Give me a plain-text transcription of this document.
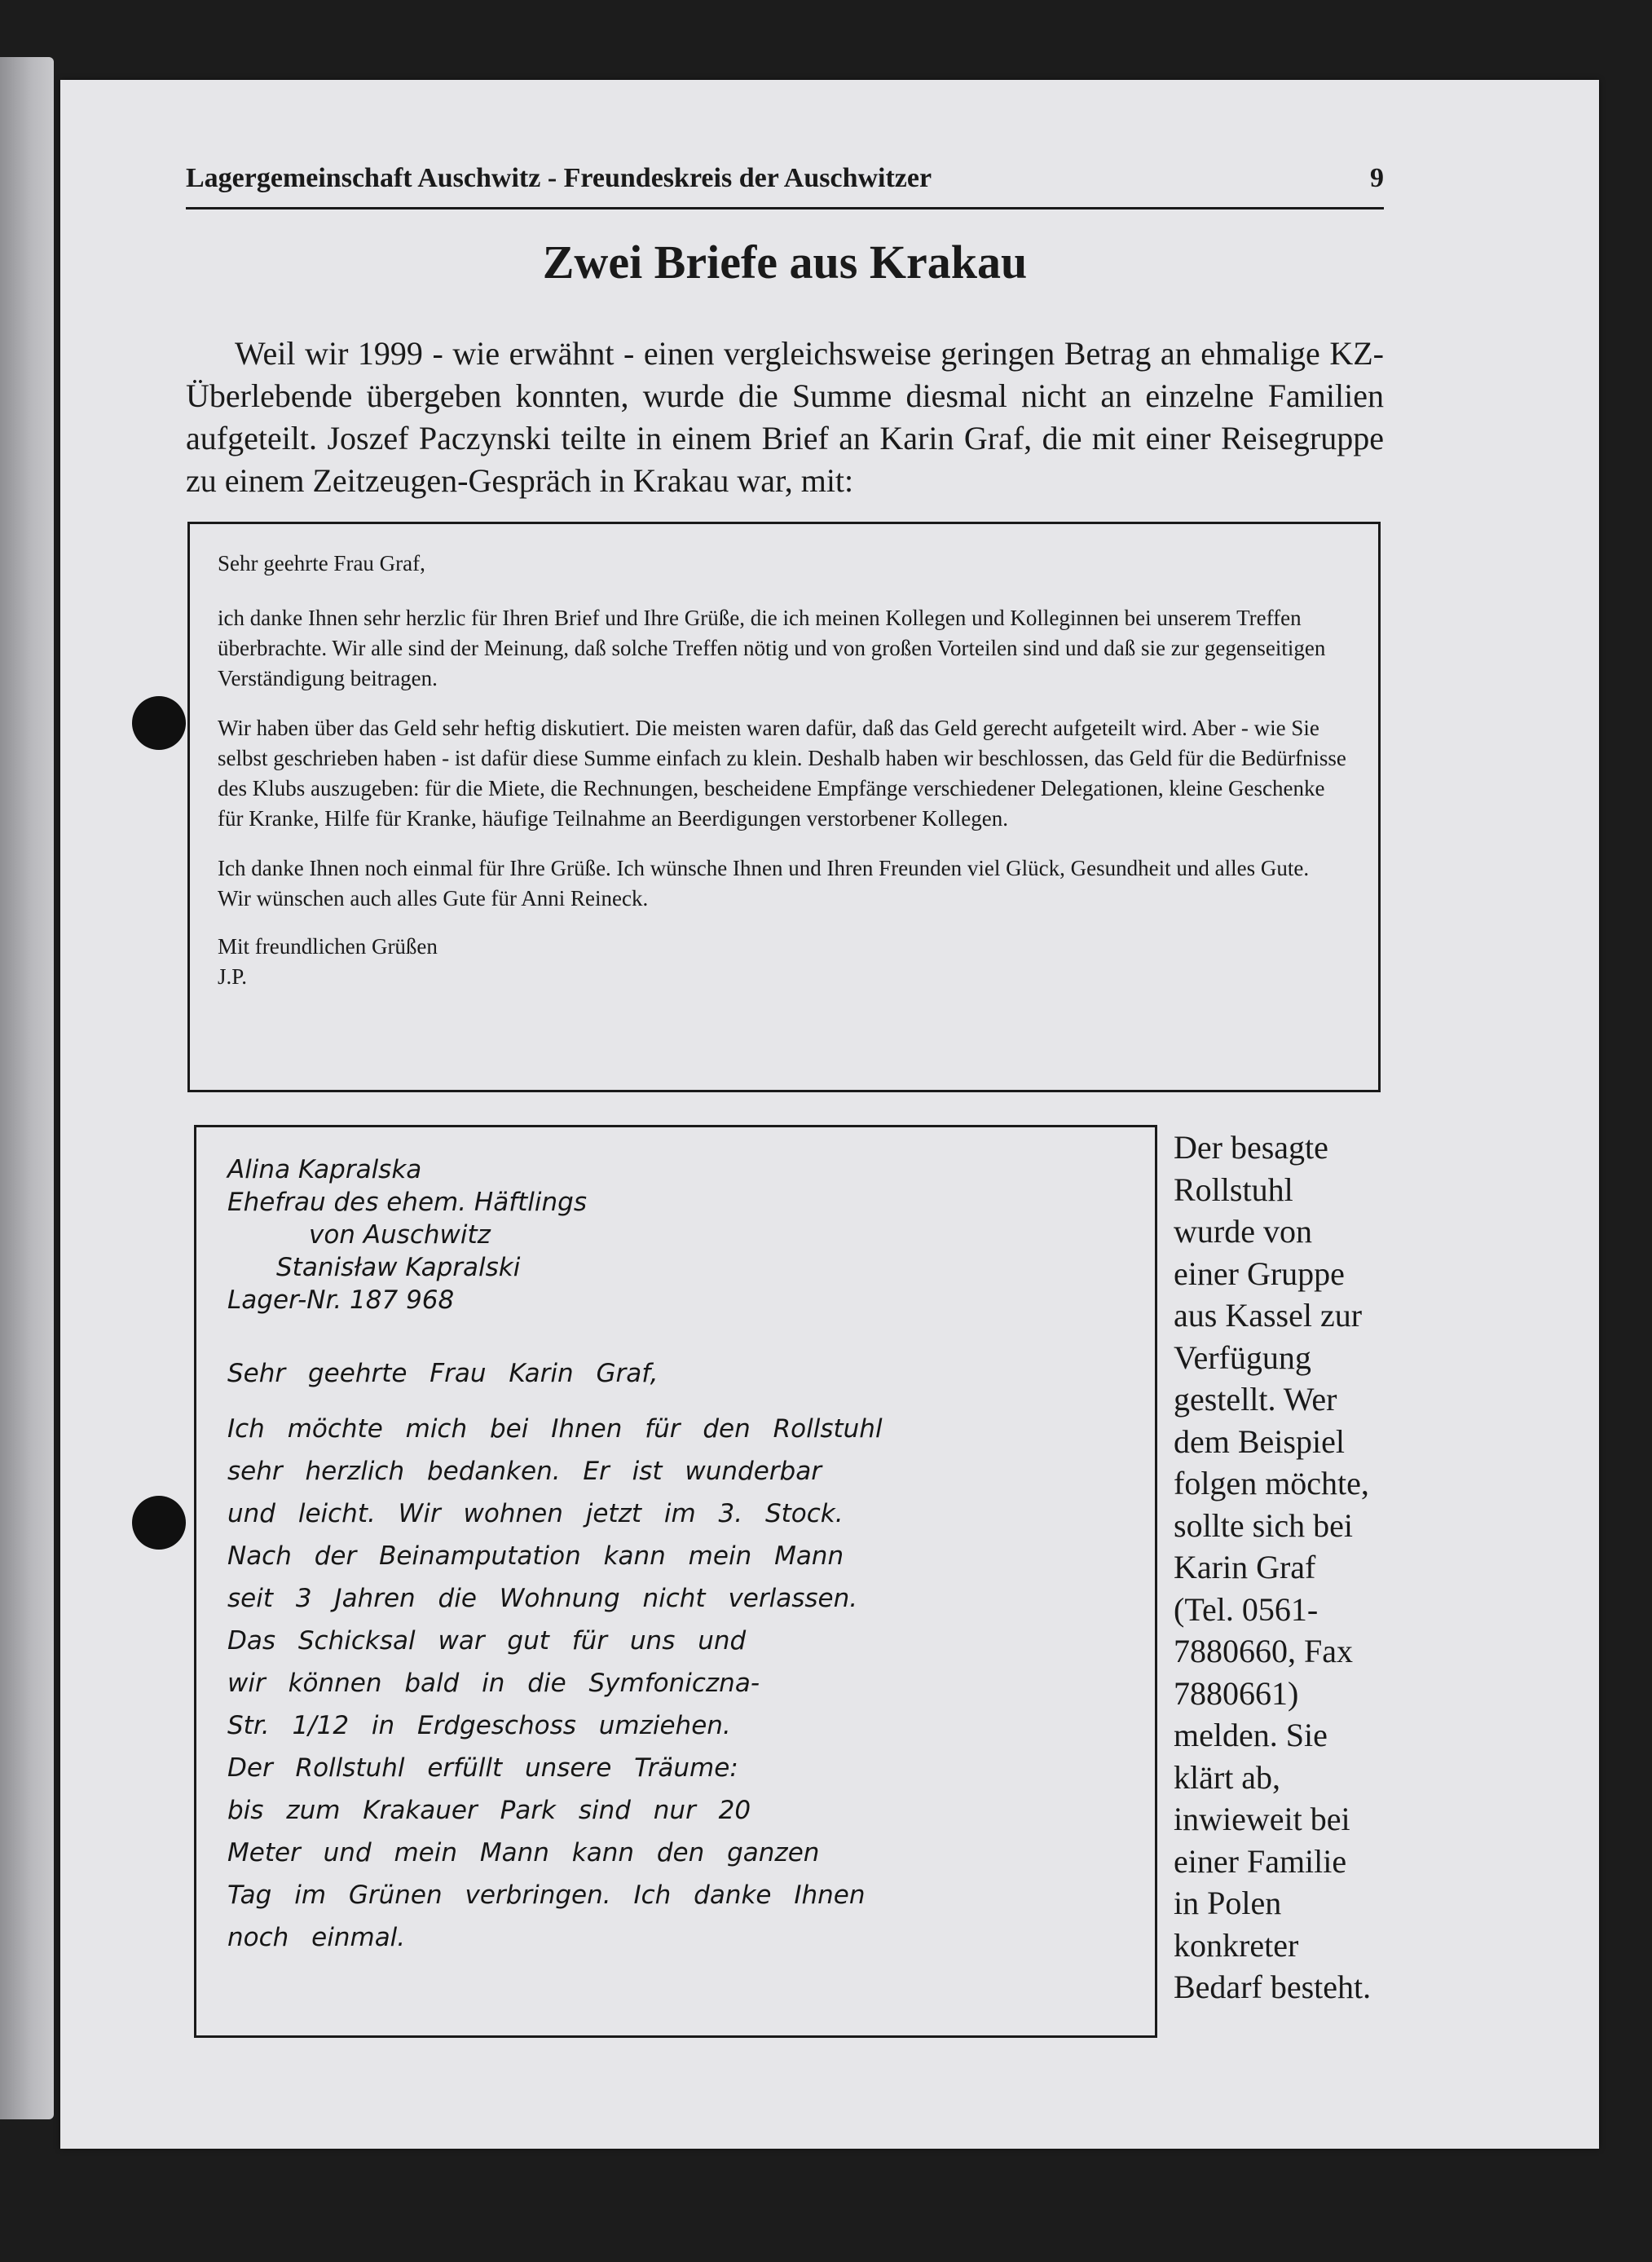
Lagergemeinschaft Auschwitz - Freundeskreis der Auschwitzer	9
Zwei Briefe aus Krakau

Weil wir 1999 - wie erwähnt - einen vergleichsweise geringen Betrag an ehmalige KZ-Überlebende übergeben konnten, wurde die Summe diesmal nicht an einzelne Familien aufgeteilt. Joszef Paczynski teilte in einem Brief an Karin Graf, die mit einer Reisegruppe zu einem Zeitzeugen-Gespräch in Krakau war, mit:

Sehr geehrte Frau Graf,

ich danke Ihnen sehr herzlic für Ihren Brief und Ihre Grüße, die ich meinen Kollegen und Kolleginnen bei unserem Treffen überbrachte. Wir alle sind der Meinung, daß solche Treffen nötig und von großen Vorteilen sind und daß sie zur gegenseitigen Verständigung beitragen.

Wir haben über das Geld sehr heftig diskutiert. Die meisten waren dafür, daß das Geld gerecht aufgeteilt wird. Aber - wie Sie selbst geschrieben haben - ist dafür diese Summe einfach zu klein. Deshalb haben wir beschlossen, das Geld für die Bedürfnisse des Klubs auszugeben: für die Miete, die Rechnungen, bescheidene Empfänge verschiedener Delegationen, kleine Geschenke für Kranke, Hilfe für Kranke, häufige Teilnahme an Beerdigungen verstorbener Kollegen.

Ich danke Ihnen noch einmal für Ihre Grüße. Ich wünsche Ihnen und Ihren Freunden viel Glück, Gesundheit und alles Gute.

Wir wünschen auch alles Gute für Anni Reineck.

Mit freundlichen Grüßen

J.P.

Alina Kapralska

Ehefrau des ehem. Häftlings

von Auschwitz

Stanisław Kapralski

Lager-Nr. 187 968

Sehr geehrte Frau Karin Graf,

Ich möchte mich bei Ihnen für den Rollstuhl

sehr herzlich bedanken. Er ist wunderbar

und leicht. Wir wohnen jetzt im 3. Stock.

Nach der Beinamputation kann mein Mann

seit 3 Jahren die Wohnung nicht verlassen.

Das Schicksal war gut für uns und

wir können bald in die Symfoniczna-

Str. 1/12 in Erdgeschoss umziehen.

Der Rollstuhl erfüllt unsere Träume:

bis zum Krakauer Park sind nur 20

Meter und mein Mann kann den ganzen

Tag im Grünen verbringen. Ich danke Ihnen

noch einmal.

Der besagte Rollstuhl wurde von einer Gruppe aus Kassel zur Verfügung gestellt. Wer dem Beispiel folgen möchte, sollte sich bei Karin Graf (Tel. 0561-7880660, Fax 7880661) melden. Sie klärt ab, inwieweit bei einer Familie in Polen konkreter Bedarf besteht.
